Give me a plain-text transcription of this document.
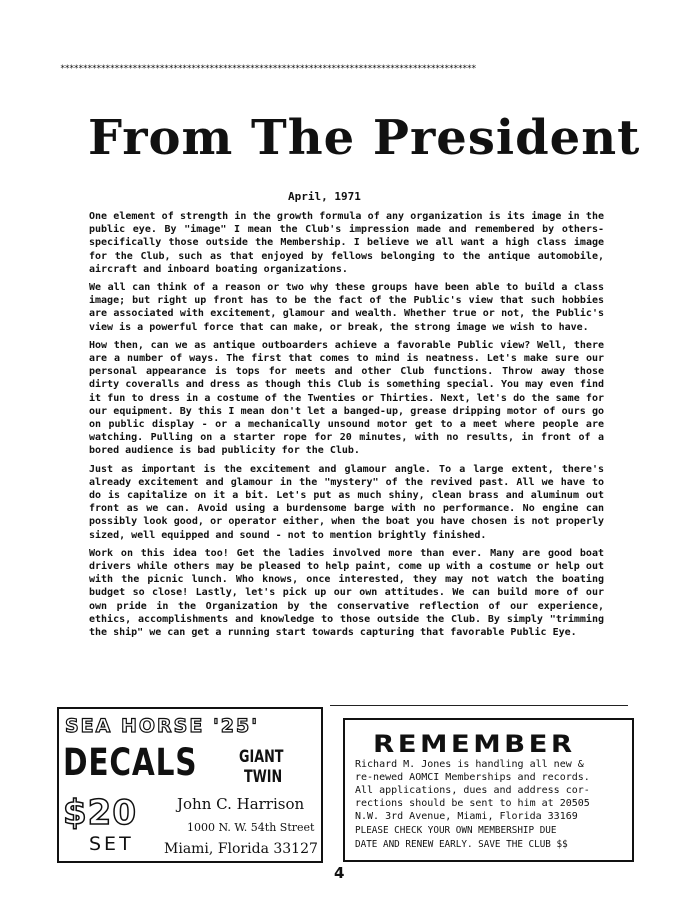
********************************************************************************************
From The President
April, 1971

One element of strength in the growth formula of any organization is its image in the public eye. By "image" I mean the Club's impression made and remembered by others- specifically those outside the Membership. I believe we all want a high class image for the Club, such as that enjoyed by fellows belonging to the antique automobile, aircraft and inboard boating organizations.

We all can think of a reason or two why these groups have been able to build a class image; but right up front has to be the fact of the Public's view that such hobbies are associated with excitement, glamour and wealth. Whether true or not, the Public's view is a powerful force that can make, or break, the strong image we wish to have.

How then, can we as antique outboarders achieve a favorable Public view? Well, there are a number of ways. The first that comes to mind is neatness. Let's make sure our personal appearance is tops for meets and other Club functions. Throw away those dirty coveralls and dress as though this Club is something special. You may even find it fun to dress in a costume of the Twenties or Thirties. Next, let's do the same for our equipment. By this I mean don't let a banged-up, grease dripping motor of ours go on public display - or a mechanically unsound motor get to a meet where people are watching. Pulling on a starter rope for 20 minutes, with no results, in front of a bored audience is bad publicity for the Club.

Just as important is the excitement and glamour angle. To a large extent, there's already excitement and glamour in the "mystery" of the revived past. All we have to do is capitalize on it a bit. Let's put as much shiny, clean brass and aluminum out front as we can. Avoid using a burdensome barge with no performance. No engine can possibly look good, or operator either, when the boat you have chosen is not properly sized, well equipped and sound - not to mention brightly finished.

Work on this idea too! Get the ladies involved more than ever. Many are good boat drivers while others may be pleased to help paint, come up with a costume or help out with the picnic lunch. Who knows, once interested, they may not watch the boating budget so close! Lastly, let's pick up our own attitudes. We can build more of our own pride in the Organization by the conservative reflection of our experience, ethics, accomplishments and knowledge to those outside the Club. By simply "trimming the ship" we can get a running start towards capturing that favorable Public Eye.

SEA HORSE '25'
DECALS GIANT
TWIN
$20
SET
John C. Harrison
1000 N. W. 54th Street
Miami, Florida 33127
REMEMBER
Richard M. Jones is handling all new &
re-newed AOMCI Memberships and records.
All applications, dues and address cor-
rections should be sent to him at 20505
N.W. 3rd Avenue, Miami, Florida 33169
PLEASE CHECK YOUR OWN MEMBERSHIP DUE
DATE AND RENEW EARLY. SAVE THE CLUB $$
4
